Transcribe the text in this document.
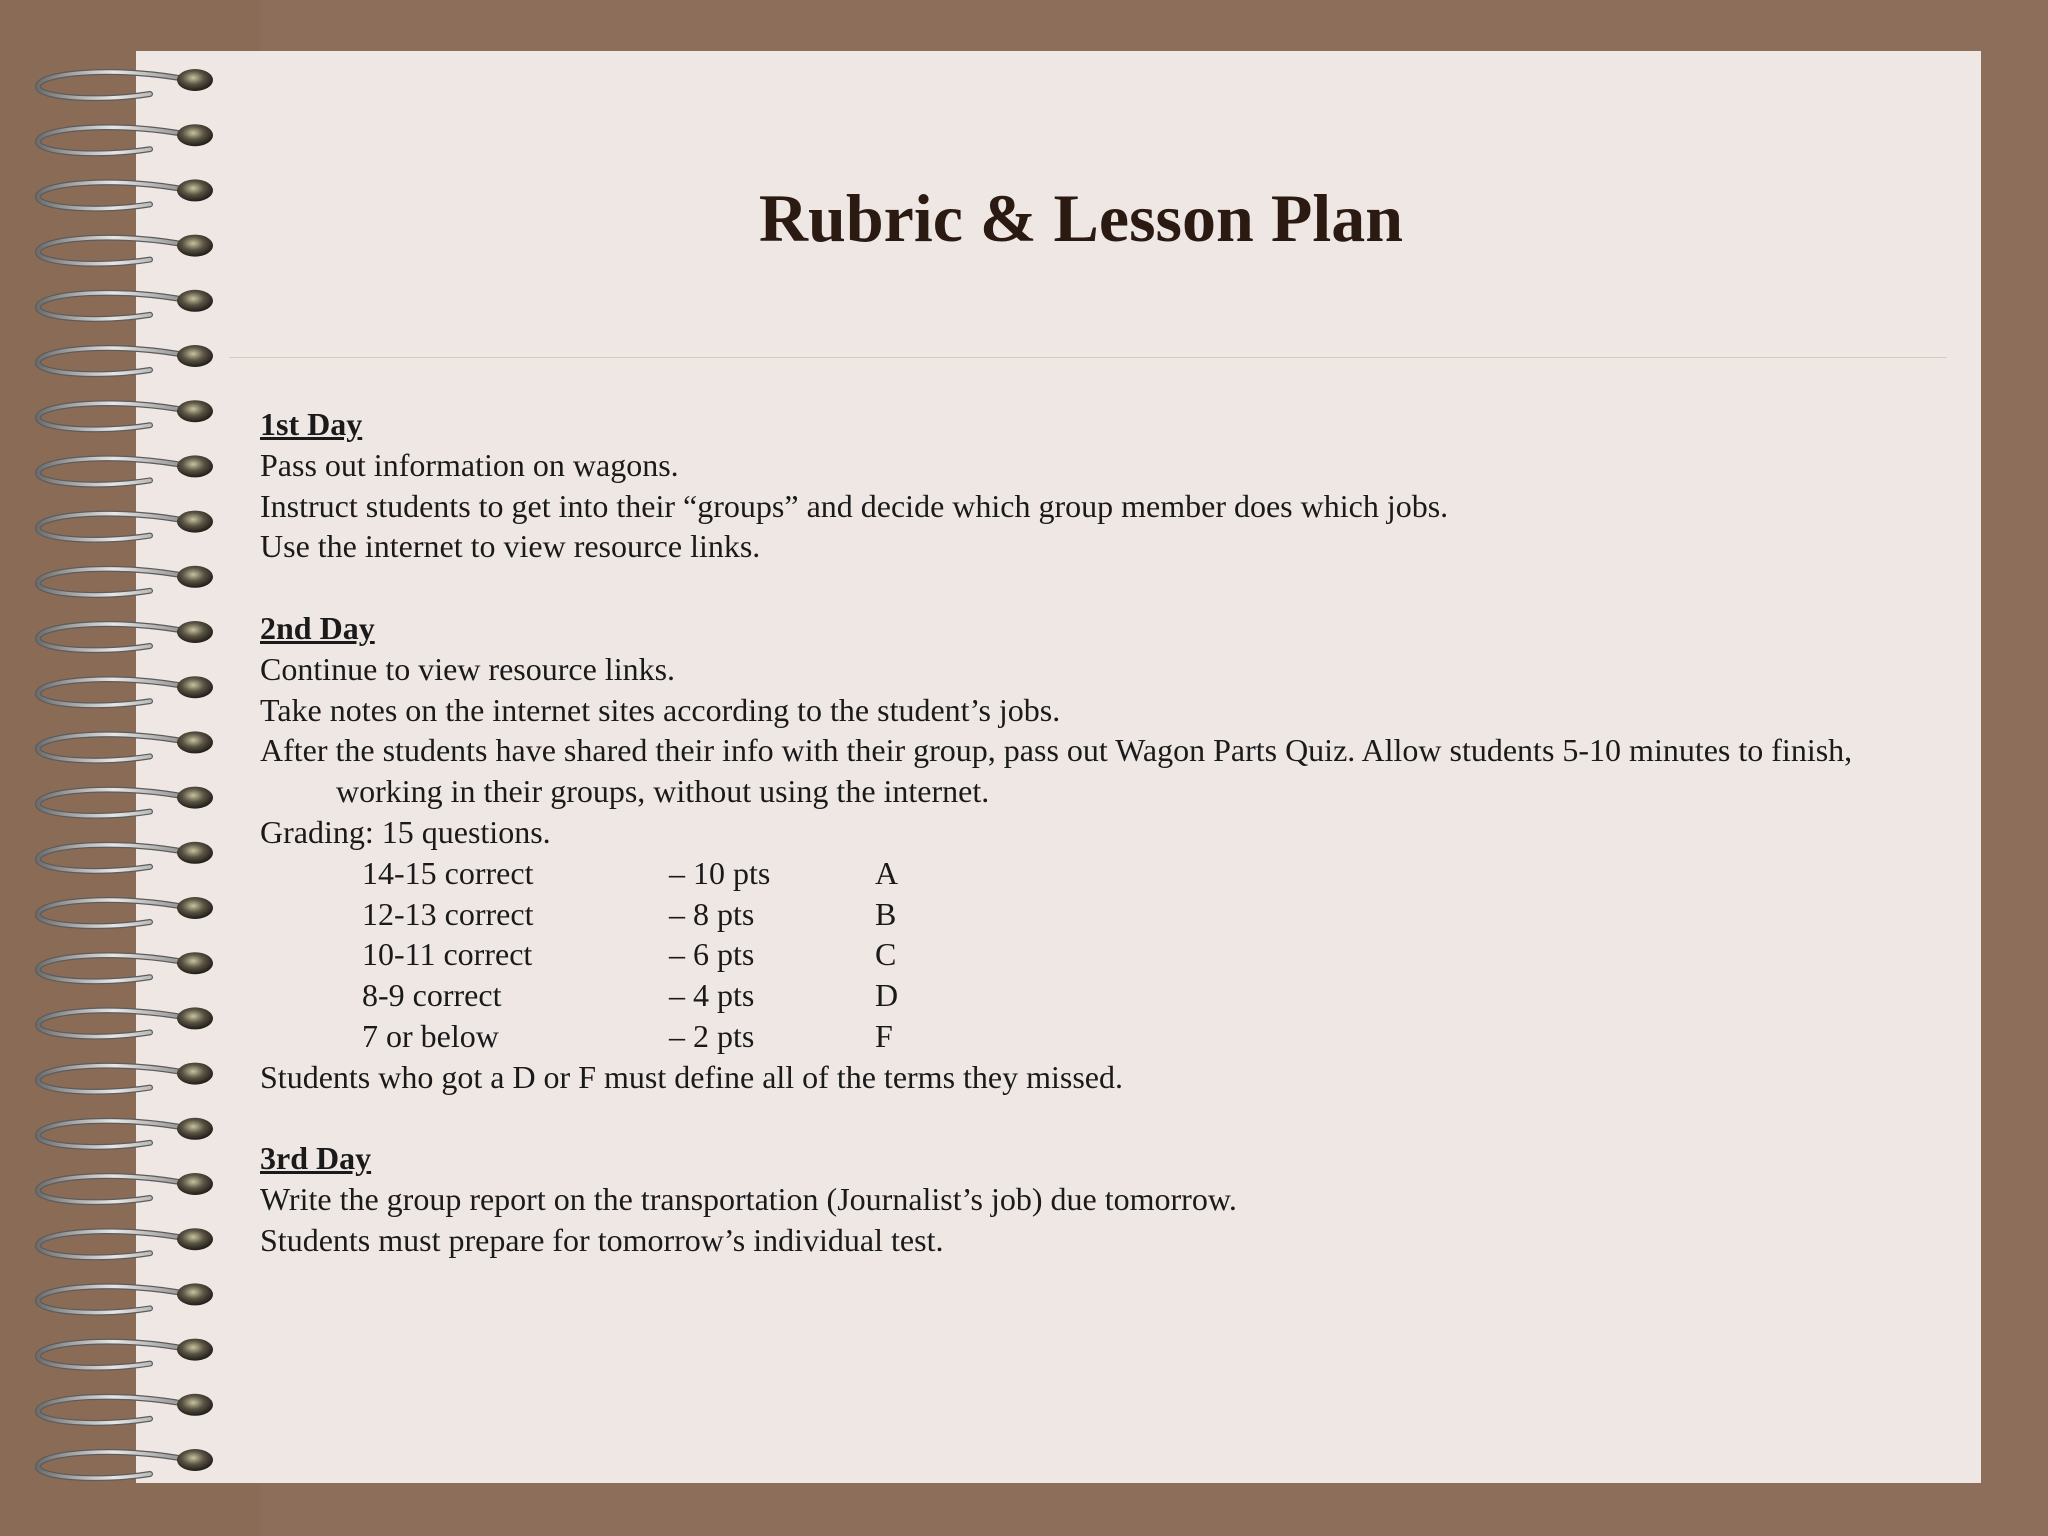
Rubric & Lesson Plan
1st Day
Pass out information on wagons.
Instruct students to get into their “groups” and decide which group member does which jobs.
Use the internet to view resource links.
2nd Day
Continue to view resource links.
Take notes on the internet sites according to the student’s jobs.
After the students have shared their info with their group, pass out Wagon Parts Quiz. Allow students 5-10 minutes to finish, working in their groups, without using the internet.
Grading: 15 questions.
14-15 correct	– 10 pts	A
12-13 correct	– 8 pts	B
10-11 correct	– 6 pts	C
8-9 correct	– 4 pts	D
7 or below	– 2 pts	F
Students who got a D or F must define all of the terms they missed.
3rd Day
Write the group report on the transportation (Journalist’s job) due tomorrow.
Students must prepare for tomorrow’s individual test.
